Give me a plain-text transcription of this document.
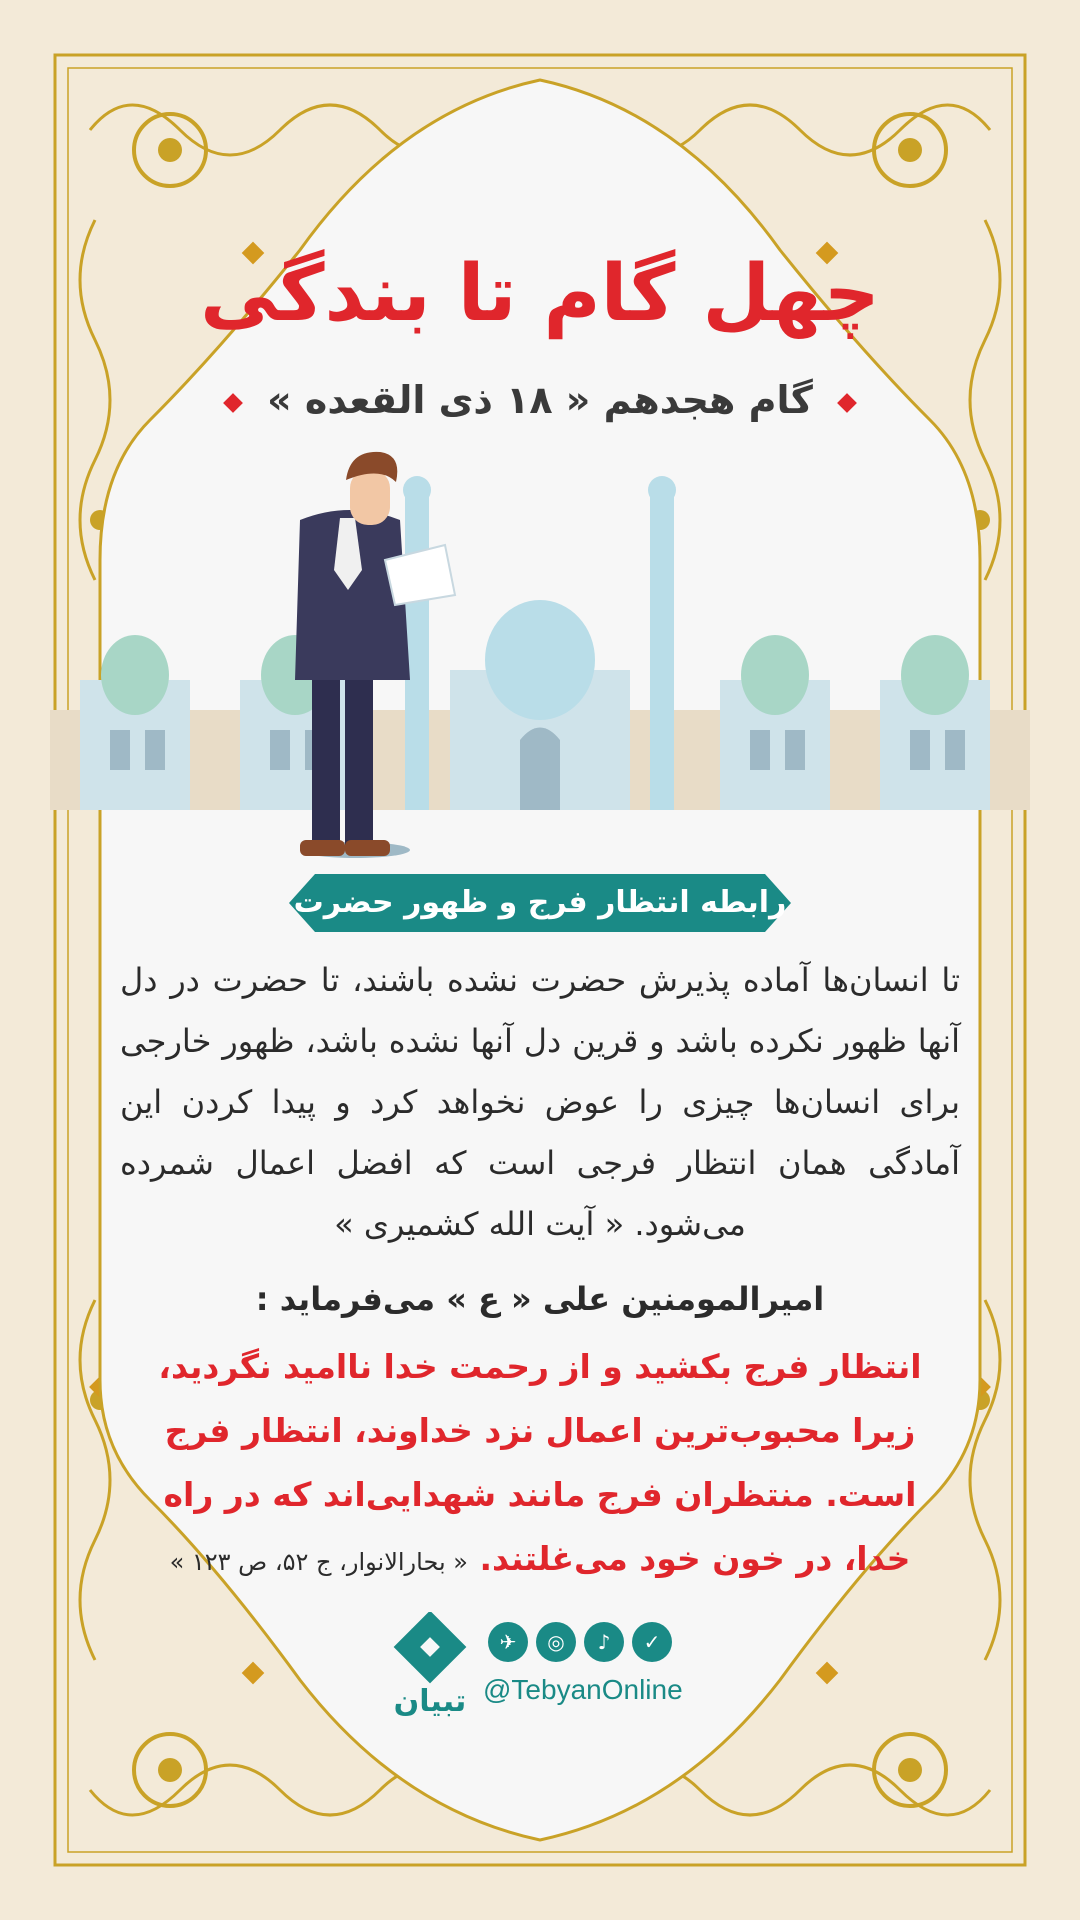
چهل گام تا بندگی
گام هجدهم « ۱۸ ذی القعده »
رابطه انتظار فرج و ظهور حضرت

تا انسان‌ها آماده پذیرش حضرت نشده باشند، تا حضرت در دل آنها ظهور نکرده باشد و قرین دل آنها نشده باشد، ظهور خارجی برای انسان‌ها چیزی را عوض نخواهد کرد و پیدا کردن این آمادگی همان انتظار فرجی است که افضل اعمال شمرده می‌شود. « آیت الله کشمیری »

امیرالمومنین علی « ع » می‌فرماید :
انتظار فرج بکشید و از رحمت خدا ناامید نگردید، زیرا محبوب‌ترین اعمال نزد خداوند، انتظار فرج است. منتظران فرج مانند شهدایی‌اند که در راه خدا، در خون خود می‌غلتند. « بحارالانوار، ج ۵۲، ص ۱۲۳ »
تبیان
✈	◎	♪	✓
@TebyanOnline
